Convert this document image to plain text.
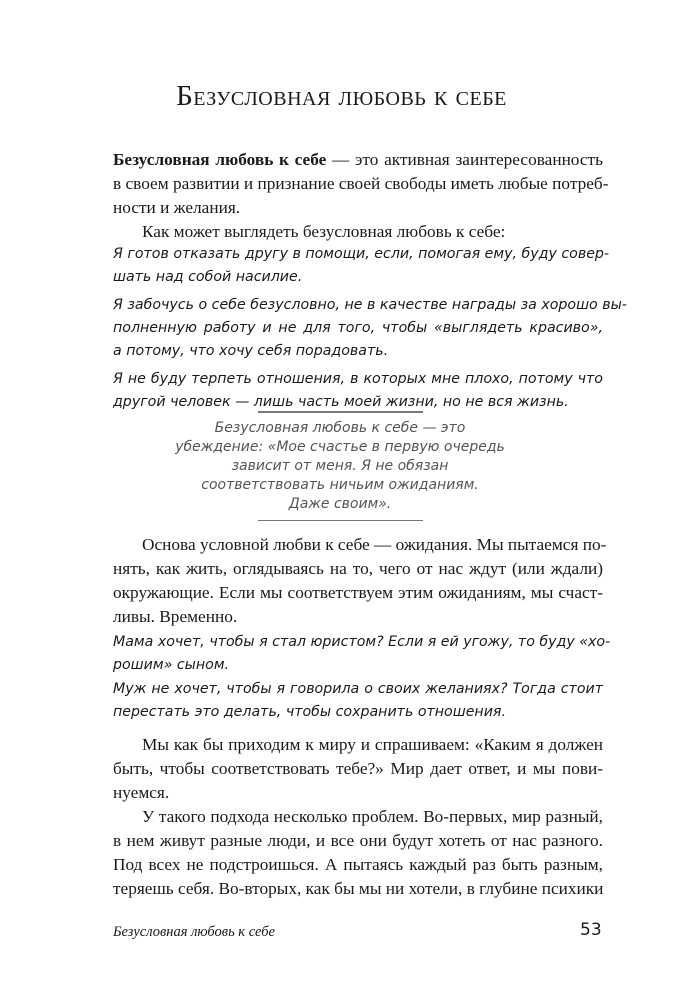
Безусловная любовь к себе
Безусловная любовь к себе — это активная заинтересованность
в своем развитии и признание своей свободы иметь любые потреб-
ности и желания.
Как может выглядеть безусловная любовь к себе:
Я готов отказать другу в помощи, если, помогая ему, буду совер-
шать над собой насилие.
Я забочусь о себе безусловно, не в качестве награды за хорошо вы-
полненную работу и не для того, чтобы «выглядеть красиво»,
а потому, что хочу себя порадовать.
Я не буду терпеть отношения, в которых мне плохо, потому что
другой человек — лишь часть моей жизни, но не вся жизнь.
Безусловная любовь к себе — это
убеждение: «Мое счастье в первую очередь
зависит от меня. Я не обязан
соответствовать ничьим ожиданиям.
Даже своим».
Основа условной любви к себе — ожидания. Мы пытаемся по-
нять, как жить, оглядываясь на то, чего от нас ждут (или ждали)
окружающие. Если мы соответствуем этим ожиданиям, мы счаст-
ливы. Временно.
Мама хочет, чтобы я стал юристом? Если я ей угожу, то буду «хо-
рошим» сыном.
Муж не хочет, чтобы я говорила о своих желаниях? Тогда стоит
перестать это делать, чтобы сохранить отношения.
Мы как бы приходим к миру и спрашиваем: «Каким я должен
быть, чтобы соответствовать тебе?» Мир дает ответ, и мы пови-
нуемся.
У такого подхода несколько проблем. Во-первых, мир разный,
в нем живут разные люди, и все они будут хотеть от нас разного.
Под всех не подстроишься. А пытаясь каждый раз быть разным,
теряешь себя. Во-вторых, как бы мы ни хотели, в глубине психики
Безусловная любовь к себе	53
